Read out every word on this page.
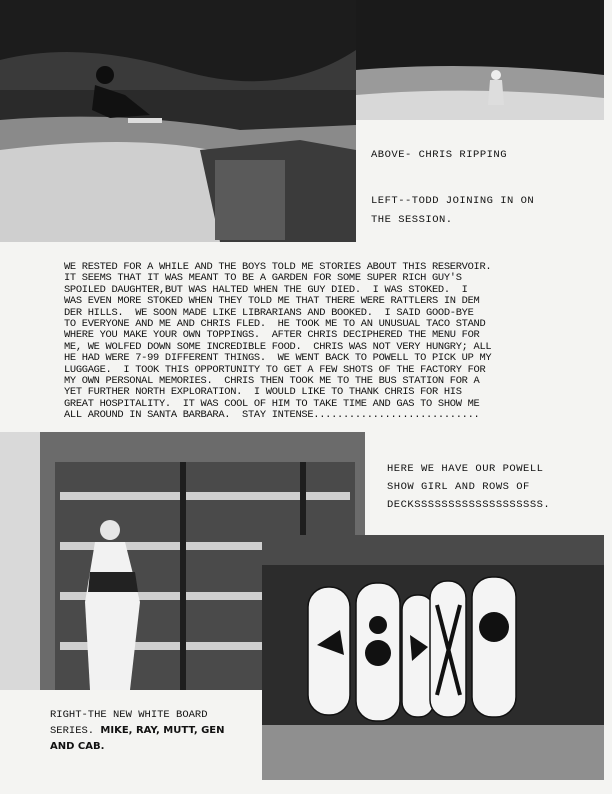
ABOVE- CHRIS RIPPING
LEFT--TODD JOINING IN ON
THE SESSION.
WE RESTED FOR A WHILE AND THE BOYS TOLD ME STORIES ABOUT THIS RESERVOIR.
IT SEEMS THAT IT WAS MEANT TO BE A GARDEN FOR SOME SUPER RICH GUY'S
SPOILED DAUGHTER,BUT WAS HALTED WHEN THE GUY DIED.  I WAS STOKED.  I
WAS EVEN MORE STOKED WHEN THEY TOLD ME THAT THERE WERE RATTLERS IN DEM
DER HILLS.  WE SOON MADE LIKE LIBRARIANS AND BOOKED.  I SAID GOOD-BYE
TO EVERYONE AND ME AND CHRIS FLED.  HE TOOK ME TO AN UNUSUAL TACO STAND
WHERE YOU MAKE YOUR OWN TOPPINGS.  AFTER CHRIS DECIPHERED THE MENU FOR
ME, WE WOLFED DOWN SOME INCREDIBLE FOOD.  CHRIS WAS NOT VERY HUNGRY; ALL
HE HAD WERE 7-99 DIFFERENT THINGS.  WE WENT BACK TO POWELL TO PICK UP MY
LUGGAGE.  I TOOK THIS OPPORTUNITY TO GET A FEW SHOTS OF THE FACTORY FOR
MY OWN PERSONAL MEMORIES.  CHRIS THEN TOOK ME TO THE BUS STATION FOR A
YET FURTHER NORTH EXPLORATION.  I WOULD LIKE TO THANK CHRIS FOR HIS
GREAT HOSPITALITY.  IT WAS COOL OF HIM TO TAKE TIME AND GAS TO SHOW ME
ALL AROUND IN SANTA BARBARA.  STAY INTENSE............................
HERE WE HAVE OUR POWELL
SHOW GIRL AND ROWS OF
DECKSSSSSSSSSSSSSSSSSSS.
RIGHT-THE NEW WHITE BOARD
SERIES. MIKE, RAY, MUTT, GEN
AND CAB.
